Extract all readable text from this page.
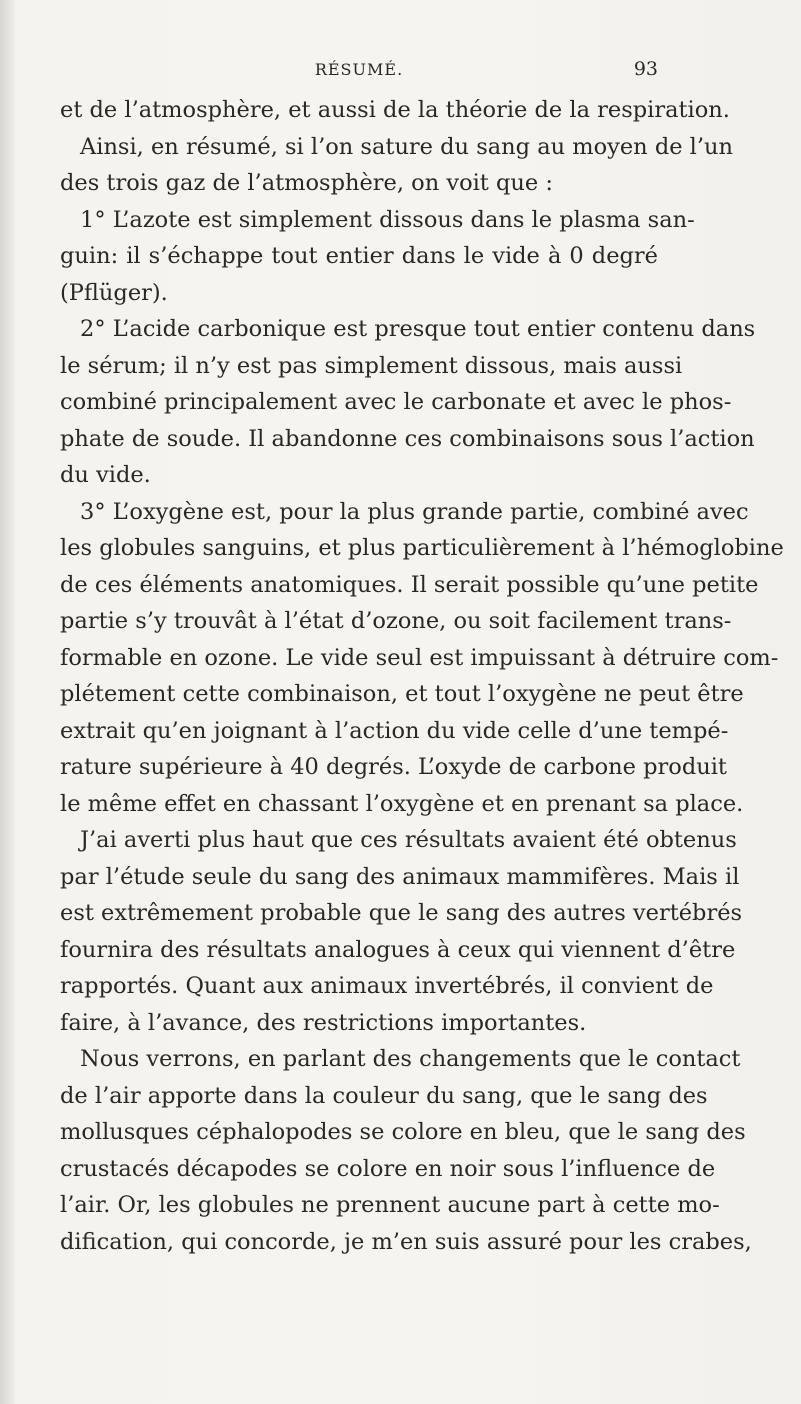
RÉSUMÉ.	93
et de l’atmosphère, et aussi de la théorie de la respiration.
Ainsi, en résumé, si l’on sature du sang au moyen de l’un
des trois gaz de l’atmosphère, on voit que :
1° L’azote est simplement dissous dans le plasma san-
guin: il s’échappe tout entier dans le vide à 0 degré
(Pflüger).
2° L’acide carbonique est presque tout entier contenu dans
le sérum; il n’y est pas simplement dissous, mais aussi
combiné principalement avec le carbonate et avec le phos-
phate de soude. Il abandonne ces combinaisons sous l’action
du vide.
3° L’oxygène est, pour la plus grande partie, combiné avec
les globules sanguins, et plus particulièrement à l’hémoglobine
de ces éléments anatomiques. Il serait possible qu’une petite
partie s’y trouvât à l’état d’ozone, ou soit facilement trans-
formable en ozone. Le vide seul est impuissant à détruire com-
plétement cette combinaison, et tout l’oxygène ne peut être
extrait qu’en joignant à l’action du vide celle d’une tempé-
rature supérieure à 40 degrés. L’oxyde de carbone produit
le même effet en chassant l’oxygène et en prenant sa place.
J’ai averti plus haut que ces résultats avaient été obtenus
par l’étude seule du sang des animaux mammifères. Mais il
est extrêmement probable que le sang des autres vertébrés
fournira des résultats analogues à ceux qui viennent d’être
rapportés. Quant aux animaux invertébrés, il convient de
faire, à l’avance, des restrictions importantes.
Nous verrons, en parlant des changements que le contact
de l’air apporte dans la couleur du sang, que le sang des
mollusques céphalopodes se colore en bleu, que le sang des
crustacés décapodes se colore en noir sous l’influence de
l’air. Or, les globules ne prennent aucune part à cette mo-
dification, qui concorde, je m’en suis assuré pour les crabes,
